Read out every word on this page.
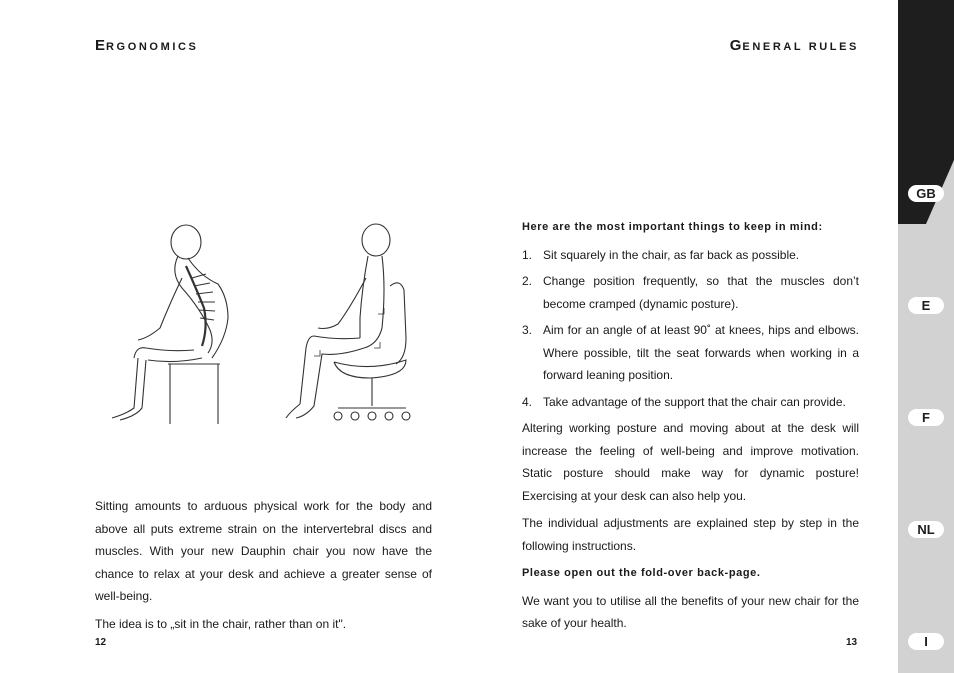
ERGONOMICS	GENERAL RULES

Sitting amounts to arduous physical work for the body and above all puts extreme strain on the intervertebral discs and muscles. With your new Dauphin chair you now have the chance to relax at your desk and achieve a greater sense of well-being.

The idea is to „sit in the chair, rather than on it".

Here are the most important things to keep in mind:

1. Sit squarely in the chair, as far back as possible.
2. Change position frequently, so that the muscles don’t become cramped (dynamic posture).
3. Aim for an angle of at least 90˚ at knees, hips and elbows. Where possible, tilt the seat forwards when working in a forward leaning position.
4. Take advantage of the support that the chair can provide.

Altering working posture and moving about at the desk will increase the feeling of well-being and improve motivation. Static posture should make way for dynamic posture! Exercising at your desk can also help you.

The individual adjustments are explained step by step in the following instructions.

Please open out the fold-over back-page.

We want you to utilise all the benefits of your new chair for the sake of your health.

12	13
GB
E
F
NL
I
